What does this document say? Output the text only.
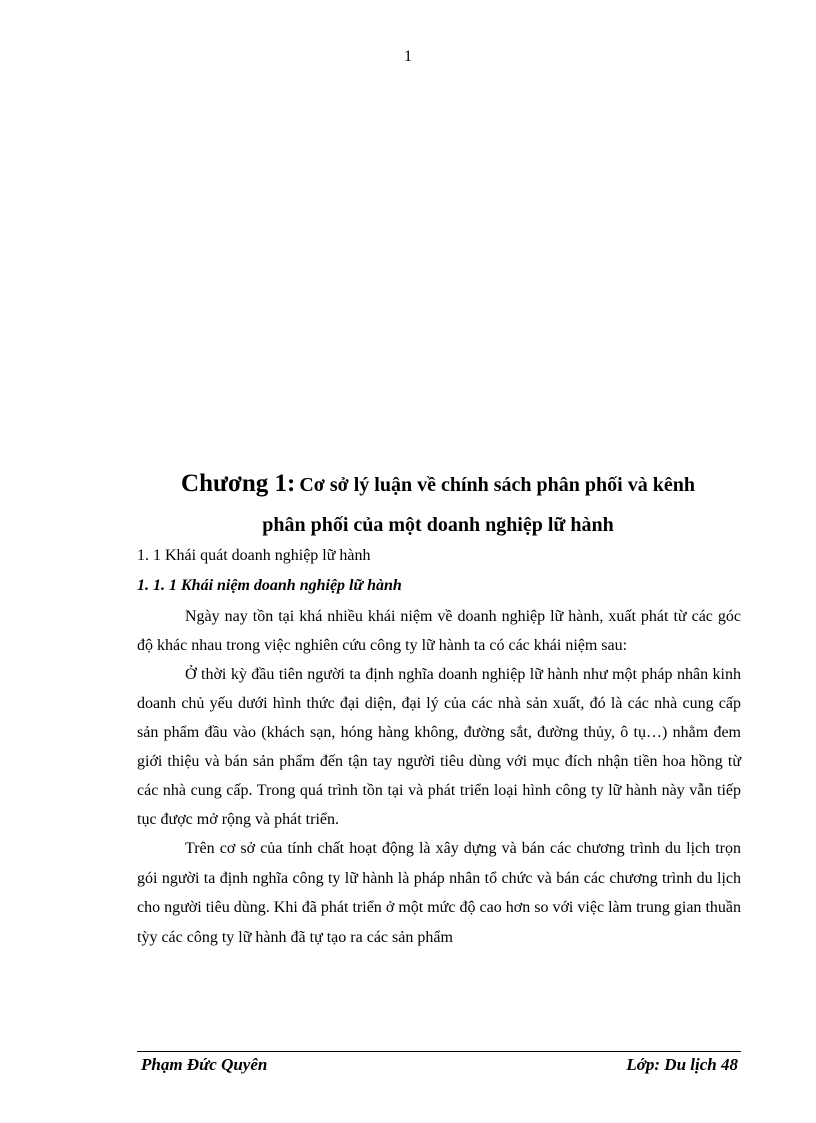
1
Chương 1: Cơ sở lý luận về chính sách phân phối và kênh
phân phối của một doanh nghiệp lữ hành

1. 1 Khái quát doanh nghiệp lữ hành

1. 1. 1 Khái niệm doanh nghiệp lữ hành

Ngày nay tồn tại khá nhiều khái niệm về doanh nghiệp lữ hành, xuất phát từ các góc độ khác nhau trong việc nghiên cứu công ty lữ hành ta có các khái niệm sau:

Ở thời kỳ đầu tiên người ta định nghĩa doanh nghiệp lữ hành như một pháp nhân kinh doanh chủ yếu dưới hình thức đại diện, đại lý của các nhà sản xuất, đó là các nhà cung cấp sản phẩm đầu vào (khách sạn, hóng hàng không, đường sắt, đường thủy, ô tụ…) nhằm đem giới thiệu và bán sản phẩm đến tận tay người tiêu dùng với mục đích nhận tiền hoa hồng từ các nhà cung cấp. Trong quá trình tồn tại và phát triển loại hình công ty lữ hành này vẫn tiếp tục được mở rộng và phát triển.

Trên cơ sở của tính chất hoạt động là xây dựng và bán các chương trình du lịch trọn gói người ta định nghĩa công ty lữ hành là pháp nhân tổ chức và bán các chương trình du lịch cho người tiêu dùng. Khi đã phát triển ở một mức độ cao hơn so với việc làm trung gian thuần tỳy các công ty lữ hành đã tự tạo ra các sản phẩm

Phạm Đức Quyên	Lớp: Du lịch 48
